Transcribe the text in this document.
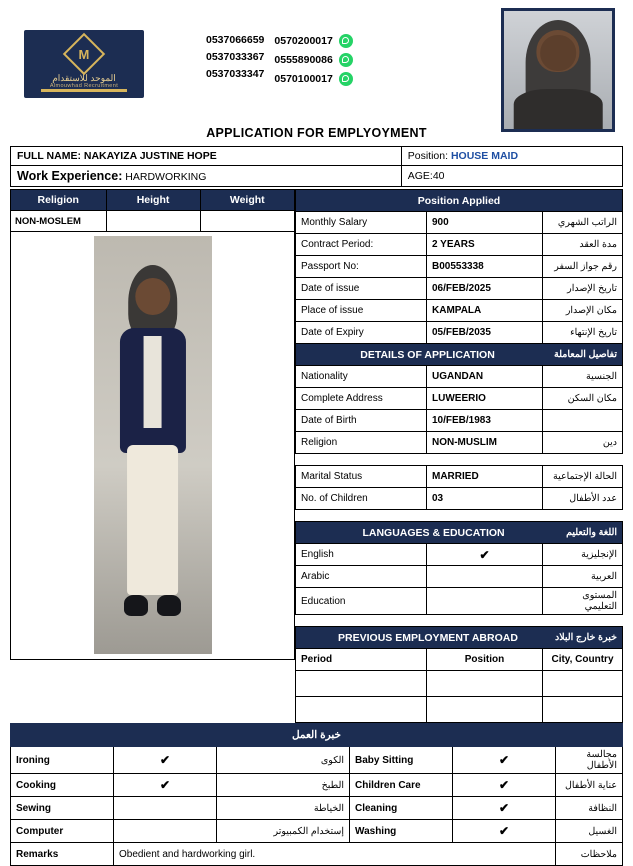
M
الموحد للاستقدام
Almouwhad Recruitment
0537066659
0537033367
0537033347
0570200017
0555890086
0570100017
APPLICATION FOR EMPLYOYMENT
FULL NAME: NAKAYIZA JUSTINE HOPE	Position: HOUSE MAID
Work Experience: HARDWORKING	AGE:40
Religion	Height	Weight
NON-MOSLEM		
Position Applied		
Monthly Salary	900	الراتب الشهري
Contract Period:	2 YEARS	مدة العقد
Passport No:	B00553338	رقم جواز السفر
Date of issue	06/FEB/2025	تاريخ الإصدار
Place of issue	KAMPALA	مكان الإصدار
Date of Expiry	05/FEB/2035	تاريخ الإنتهاء

تفاصيل المعاملة
DETAILS OF APPLICATION		
Nationality	UGANDAN	الجنسية
Complete Address	LUWEERIO	مكان السكن
Date of Birth	10/FEB/1983	
Religion	NON-MUSLIM	دين

Marital Status	MARRIED	الحالة الإجتماعية
No. of Children	03	عدد الأطفال

اللغة والتعليم
LANGUAGES & EDUCATION		
English	✔	الإنجليزية
Arabic		العربية
Education		المستوى التعليمي

خبرة خارج البلاد
PREVIOUS EMPLOYMENT ABROAD		
Period	Position	City, Country

خبرة العمل					
Ironing	✔	الكوى	Baby Sitting	✔	مجالسة الأطفال
Cooking	✔	الطبخ	Children Care	✔	عناية الأطفال
Sewing		الخياطة	Cleaning	✔	النظافة
Computer		إستخدام الكمبيوتر	Washing	✔	الغسيل
Remarks	Obedient and hardworking girl.				ملاحظات
